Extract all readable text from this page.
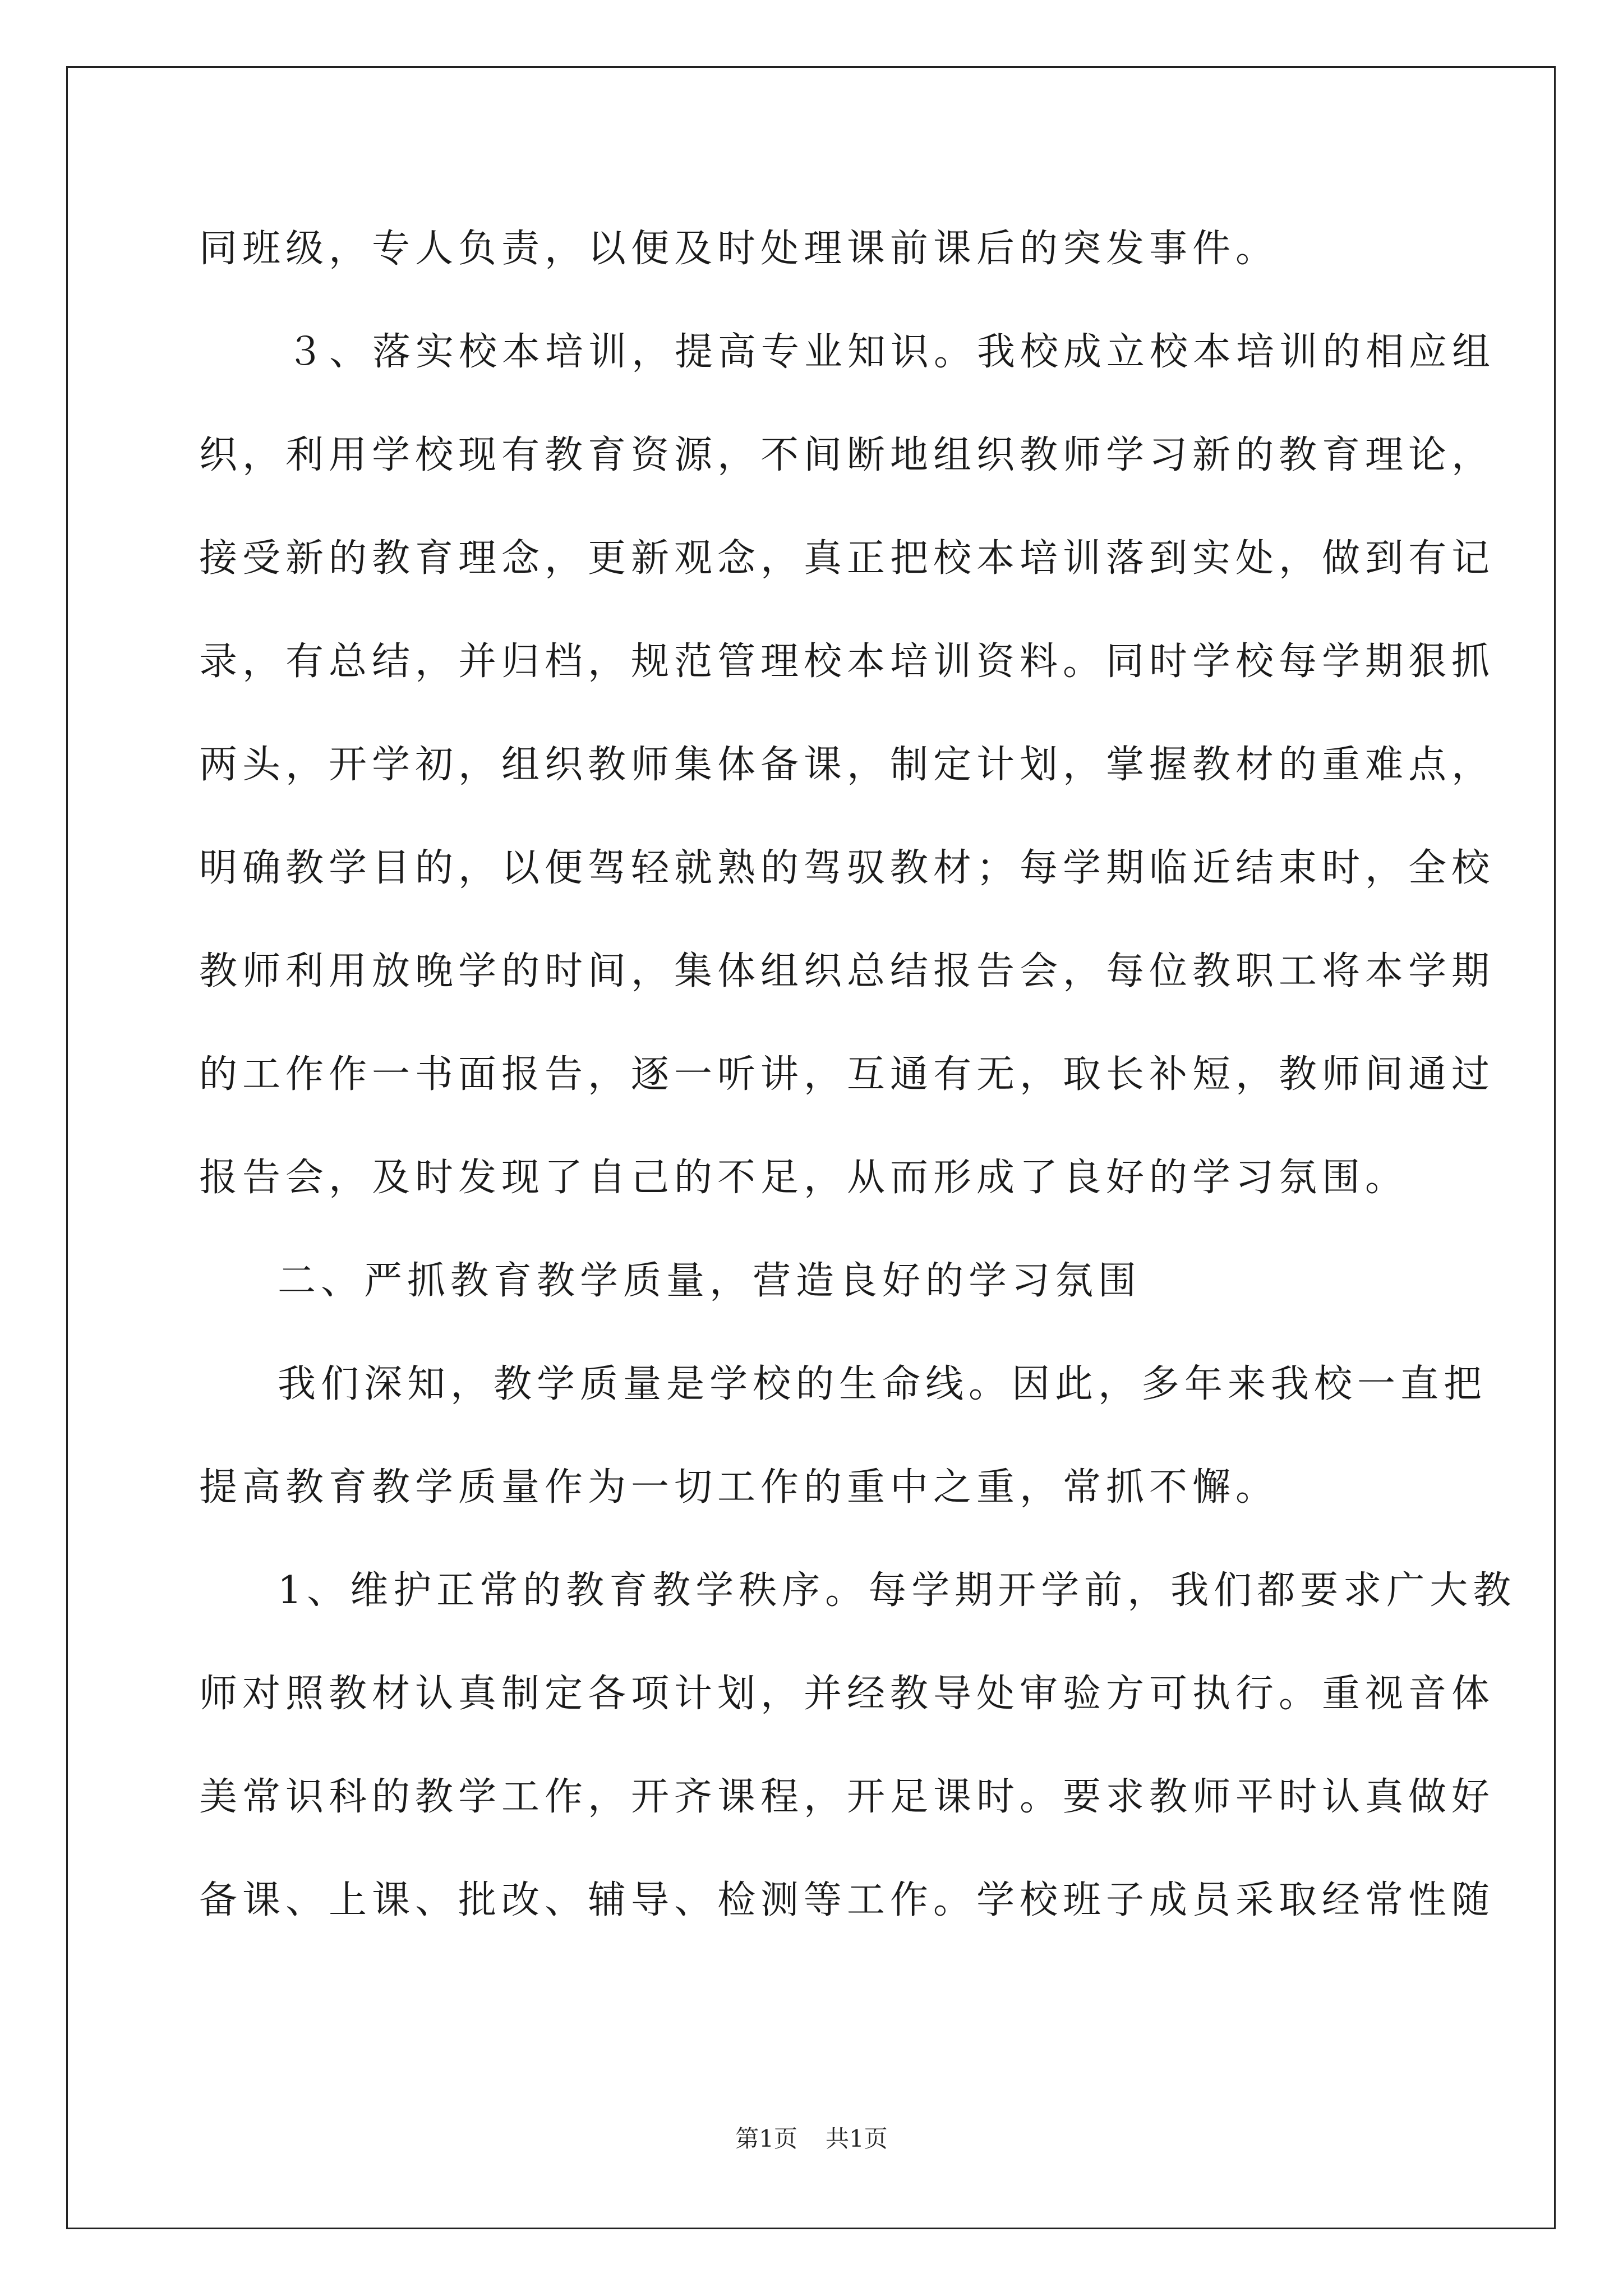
同班级，专人负责，以便及时处理课前课后的突发事件。
３、落实校本培训，提高专业知识。我校成立校本培训的相应组
织，利用学校现有教育资源，不间断地组织教师学习新的教育理论，
接受新的教育理念，更新观念，真正把校本培训落到实处，做到有记
录，有总结，并归档，规范管理校本培训资料。同时学校每学期狠抓
两头，开学初，组织教师集体备课，制定计划，掌握教材的重难点，
明确教学目的，以便驾轻就熟的驾驭教材；每学期临近结束时，全校
教师利用放晚学的时间，集体组织总结报告会，每位教职工将本学期
的工作作一书面报告，逐一听讲，互通有无，取长补短，教师间通过
报告会，及时发现了自己的不足，从而形成了良好的学习氛围。
二、严抓教育教学质量，营造良好的学习氛围
我们深知，教学质量是学校的生命线。因此，多年来我校一直把
提高教育教学质量作为一切工作的重中之重，常抓不懈。
1、维护正常的教育教学秩序。每学期开学前，我们都要求广大教
师对照教材认真制定各项计划，并经教导处审验方可执行。重视音体
美常识科的教学工作，开齐课程，开足课时。要求教师平时认真做好
备课、上课、批改、辅导、检测等工作。学校班子成员采取经常性随
第1页 共1页
